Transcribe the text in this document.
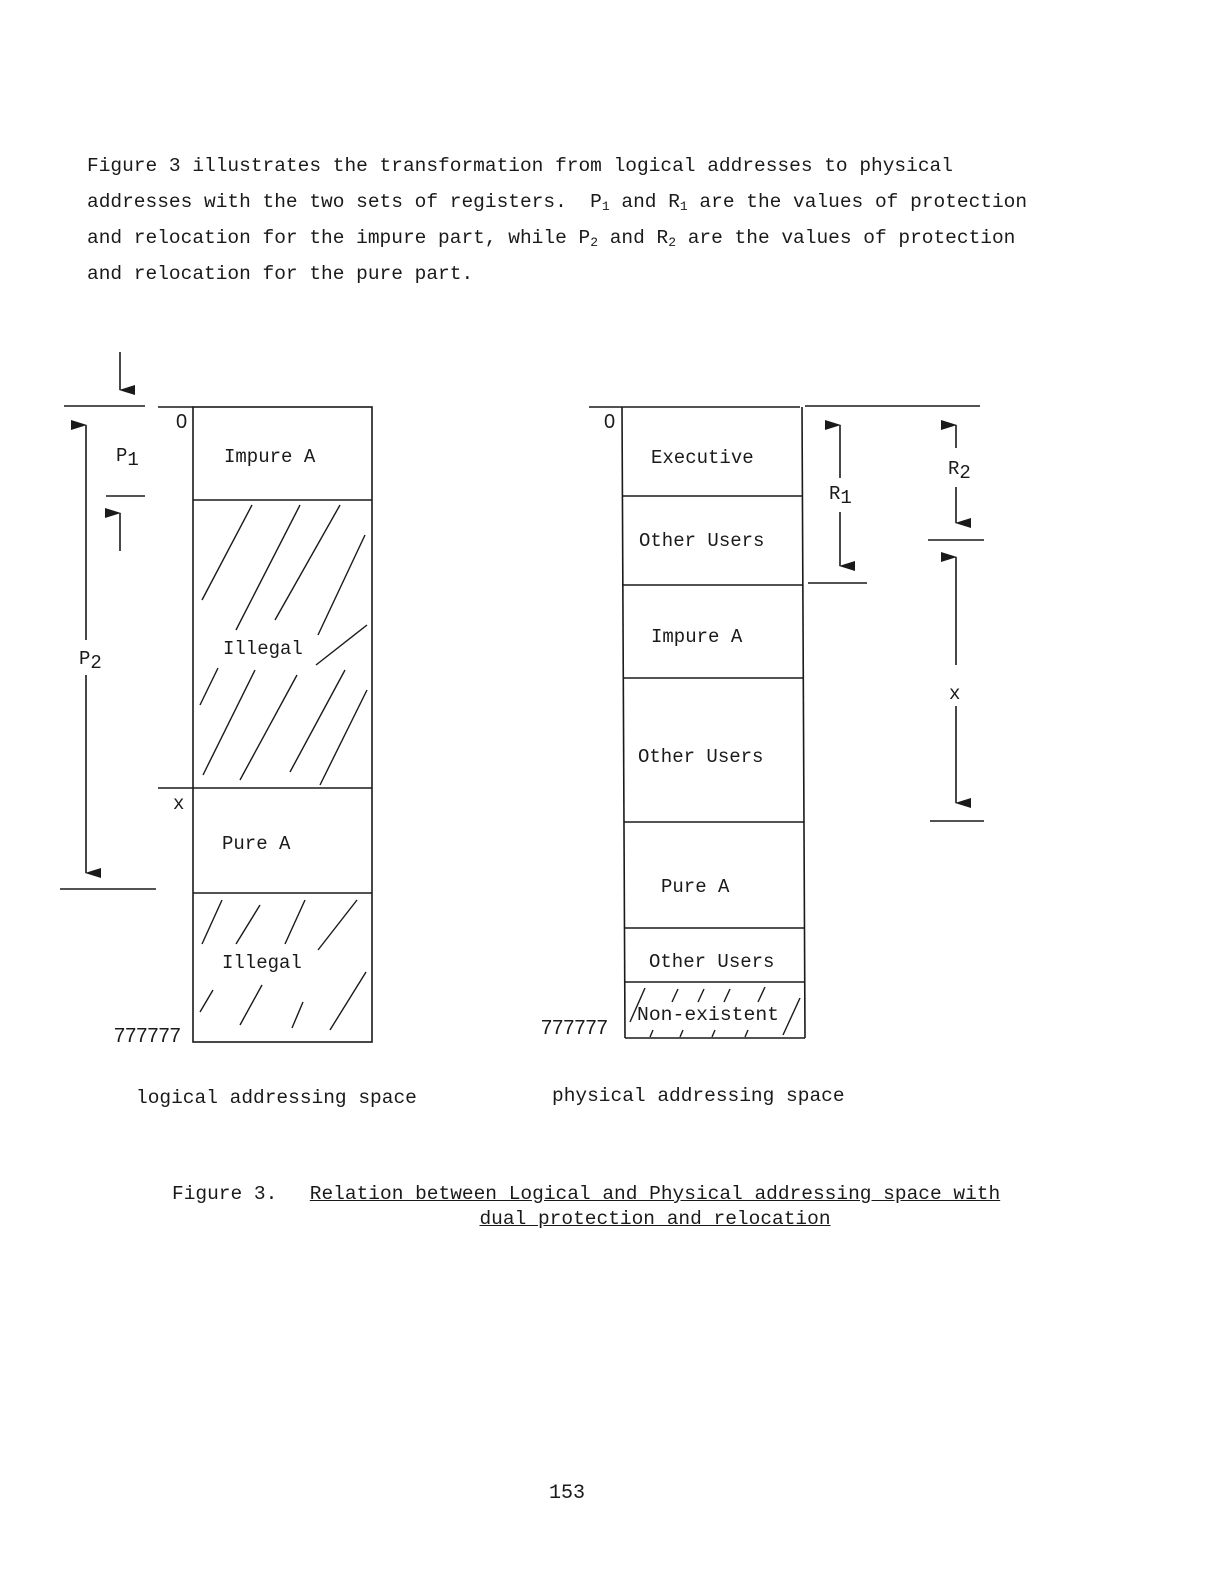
Figure 3 illustrates the transformation from logical addresses to physical
addresses with the two sets of registers.  $P_1$ and $R_1$ are the values of protection
and relocation for the impure part, while $P_2$ and $R_2$ are the values of protection
and relocation for the pure part.

0
x
777777
Impure A
Illegal
Pure A
Illegal
P1
P2
0
777777
Executive
Other Users
Impure A
Other Users
Pure A
Other Users
Non-existent
R1
R2
x
logical addressing space	physical addressing space
Figure 3.	Relation between Logical and Physical addressing space with dual protection and relocation
153
